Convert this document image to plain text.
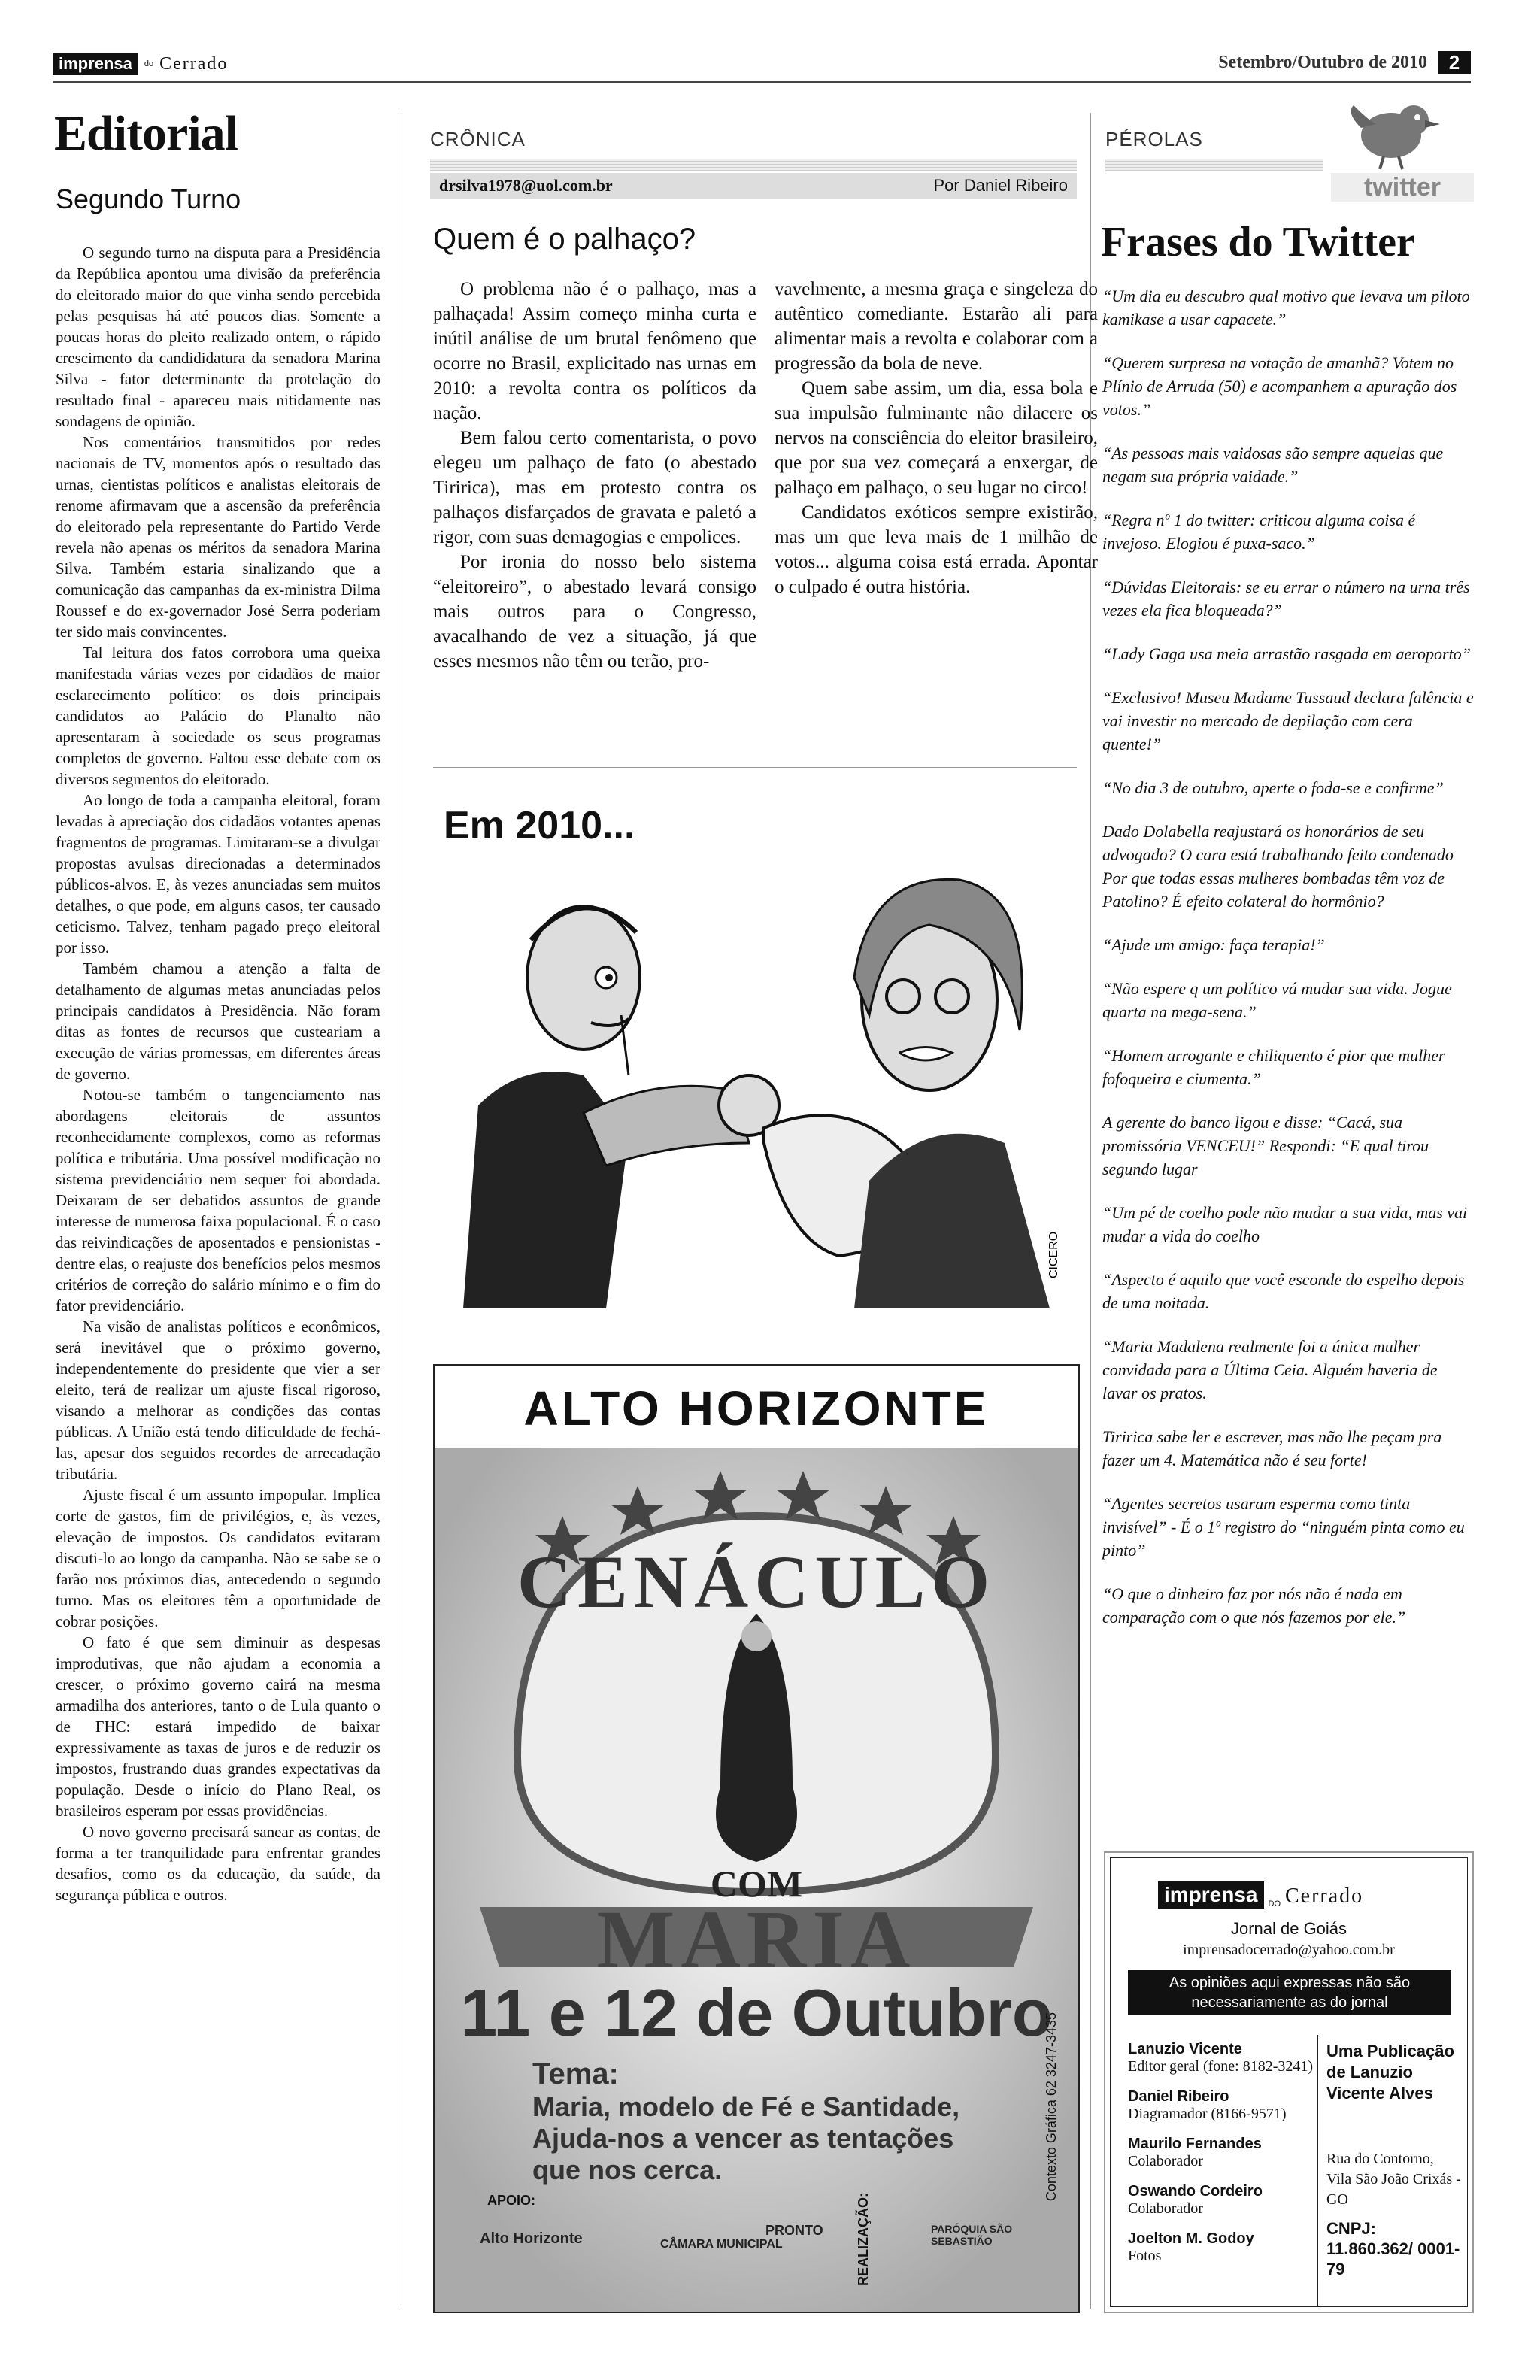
imprensa	do Cerrado	Setembro/Outubro de 2010	2
Editorial
Segundo Turno

O segundo turno na disputa para a Presidência da República apontou uma divisão da preferência do eleitorado maior do que vinha sendo percebida pelas pesquisas há até poucos dias. Somente a poucas horas do pleito realizado ontem, o rápido crescimento da candididatura da senadora Marina Silva - fator determinante da protelação do resultado final - apareceu mais nitidamente nas sondagens de opinião.

Nos comentários transmitidos por redes nacionais de TV, momentos após o resultado das urnas, cientistas políticos e analistas eleitorais de renome afirmavam que a ascensão da preferência do eleitorado pela representante do Partido Verde revela não apenas os méritos da senadora Marina Silva. Também estaria sinalizando que a comunicação das campanhas da ex-ministra Dilma Roussef e do ex-governador José Serra poderiam ter sido mais convincentes.

Tal leitura dos fatos corrobora uma queixa manifestada várias vezes por cidadãos de maior esclarecimento político: os dois principais candidatos ao Palácio do Planalto não apresentaram à sociedade os seus programas completos de governo. Faltou esse debate com os diversos segmentos do eleitorado.

Ao longo de toda a campanha eleitoral, foram levadas à apreciação dos cidadãos votantes apenas fragmentos de programas. Limitaram-se a divulgar propostas avulsas direcionadas a determinados públicos-alvos. E, às vezes anunciadas sem muitos detalhes, o que pode, em alguns casos, ter causado ceticismo. Talvez, tenham pagado preço eleitoral por isso.

Também chamou a atenção a falta de detalhamento de algumas metas anunciadas pelos principais candidatos à Presidência. Não foram ditas as fontes de recursos que custeariam a execução de várias promessas, em diferentes áreas de governo.

Notou-se também o tangenciamento nas abordagens eleitorais de assuntos reconhecidamente complexos, como as reformas política e tributária. Uma possível modificação no sistema previdenciário nem sequer foi abordada. Deixaram de ser debatidos assuntos de grande interesse de numerosa faixa populacional. É o caso das reivindicações de aposentados e pensionistas - dentre elas, o reajuste dos benefícios pelos mesmos critérios de correção do salário mínimo e o fim do fator previdenciário.

Na visão de analistas políticos e econômicos, será inevitável que o próximo governo, independentemente do presidente que vier a ser eleito, terá de realizar um ajuste fiscal rigoroso, visando a melhorar as condições das contas públicas. A União está tendo dificuldade de fechá-las, apesar dos seguidos recordes de arrecadação tributária.

Ajuste fiscal é um assunto impopular. Implica corte de gastos, fim de privilégios, e, às vezes, elevação de impostos. Os candidatos evitaram discuti-lo ao longo da campanha. Não se sabe se o farão nos próximos dias, antecedendo o segundo turno. Mas os eleitores têm a oportunidade de cobrar posições.

O fato é que sem diminuir as despesas improdutivas, que não ajudam a economia a crescer, o próximo governo cairá na mesma armadilha dos anteriores, tanto o de Lula quanto o de FHC: estará impedido de baixar expressivamente as taxas de juros e de reduzir os impostos, frustrando duas grandes expectativas da população. Desde o início do Plano Real, os brasileiros esperam por essas providências.

O novo governo precisará sanear as contas, de forma a ter tranquilidade para enfrentar grandes desafios, como os da educação, da saúde, da segurança pública e outros.

CRÔNICA
drsilva1978@uol.com.br	Por Daniel Ribeiro
Quem é o palhaço?

O problema não é o palhaço, mas a palhaçada! Assim começo minha curta e inútil análise de um brutal fenômeno que ocorre no Brasil, explicitado nas urnas em 2010: a revolta contra os políticos da nação.

Bem falou certo comentarista, o povo elegeu um palhaço de fato (o abestado Tiririca), mas em protesto contra os palhaços disfarçados de gravata e paletó a rigor, com suas demagogias e empolices.

Por ironia do nosso belo sistema “eleitoreiro”, o abestado levará consigo mais outros para o Congresso, avacalhando de vez a situação, já que esses mesmos não têm ou terão, pro-

vavelmente, a mesma graça e singeleza do autêntico comediante. Estarão ali para alimentar mais a revolta e colaborar com a progressão da bola de neve.

Quem sabe assim, um dia, essa bola e sua impulsão fulminante não dilacere os nervos na consciência do eleitor brasileiro, que por sua vez começará a enxergar, de palhaço em palhaço, o seu lugar no circo!

Candidatos exóticos sempre existirão, mas um que leva mais de 1 milhão de votos... alguma coisa está errada. Apontar o culpado é outra história.

CICERO
Em 2010...
ALTO HORIZONTE
CENÁCULO
COM
MARIA
11 e 12 de Outubro
Tema:
Maria, modelo de Fé e Santidade, Ajuda-nos a vencer as tentações que nos cerca.
APOIO:
Alto Horizonte	CÂMARA MUNICIPAL
PRONTO REALIZAÇÃO:	PARÓQUIA SÃO SEBASTIÃO
Contexto Gráfica 62 3247-3435
PÉROLAS
twitter
Frases do Twitter

“Um dia eu descubro qual motivo que levava um piloto kamikase a usar capacete.”

“Querem surpresa na votação de amanhã? Votem no Plínio de Arruda (50) e acompanhem a apuração dos votos.”

“As pessoas mais vaidosas são sempre aquelas que negam sua própria vaidade.”

“Regra nº 1 do twitter: criticou alguma coisa é invejoso. Elogiou é puxa-saco.”

“Dúvidas Eleitorais: se eu errar o número na urna três vezes ela fica bloqueada?”

“Lady Gaga usa meia arrastão rasgada em aeroporto”

“Exclusivo! Museu Madame Tussaud declara falência e vai investir no mercado de depilação com cera quente!”

“No dia 3 de outubro, aperte o foda-se e confirme”

Dado Dolabella reajustará os honorários de seu advogado? O cara está trabalhando feito condenado Por que todas essas mulheres bombadas têm voz de Patolino? É efeito colateral do hormônio?

“Ajude um amigo: faça terapia!”

“Não espere q um político vá mudar sua vida. Jogue quarta na mega-sena.”

“Homem arrogante e chiliquento é pior que mulher fofoqueira e ciumenta.”

A gerente do banco ligou e disse: “Cacá, sua promissória VENCEU!” Respondi: “E qual tirou segundo lugar

“Um pé de coelho pode não mudar a sua vida, mas vai mudar a vida do coelho

“Aspecto é aquilo que você esconde do espelho depois de uma noitada.

“Maria Madalena realmente foi a única mulher convidada para a Última Ceia. Alguém haveria de lavar os pratos.

Tiririca sabe ler e escrever, mas não lhe peçam pra fazer um 4. Matemática não é seu forte!

“Agentes secretos usaram esperma como tinta invisível” - É o 1º registro do “ninguém pinta como eu pinto”

“O que o dinheiro faz por nós não é nada em comparação com o que nós fazemos por ele.”

imprensa	DO Cerrado
Jornal de Goiás
imprensadocerrado@yahoo.com.br
As opiniões aqui expressas não são necessariamente as do jornal

Lanuzio Vicente

Editor geral (fone: 8182-3241)

Daniel Ribeiro

Diagramador (8166-9571)

Maurilo Fernandes

Colaborador

Oswando Cordeiro

Colaborador

Joelton M. Godoy

Fotos

Uma Publicação de Lanuzio Vicente Alves
Rua do Contorno, Vila São João Crixás - GO
CNPJ: 11.860.362/ 0001-79
